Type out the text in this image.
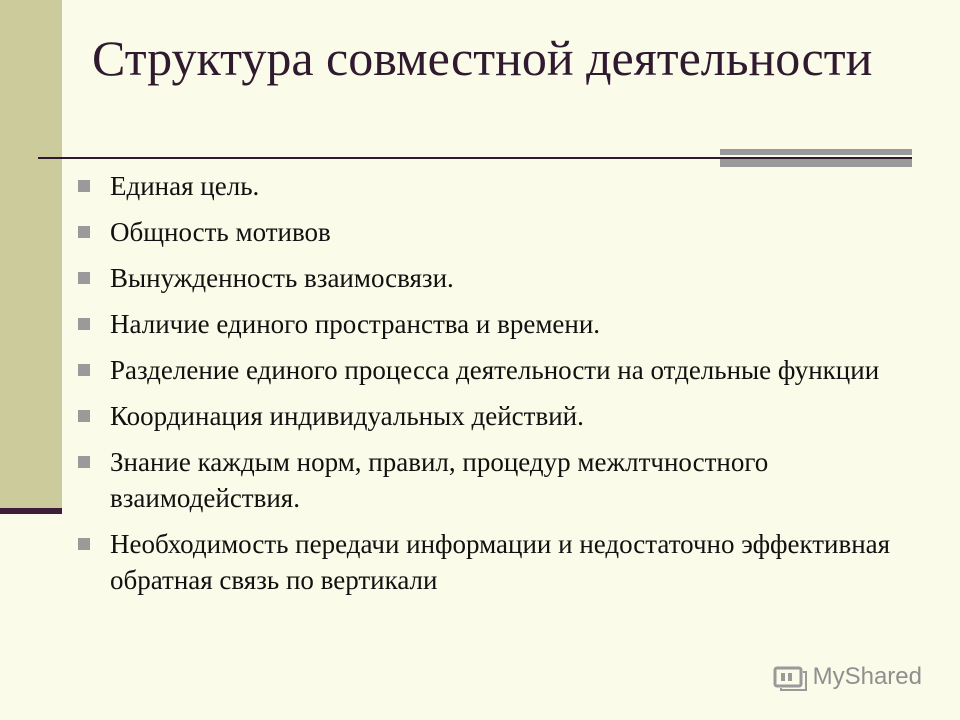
Структура совместной деятельности
Единая цель.
Общность мотивов
Вынужденность взаимосвязи.
Наличие единого пространства и времени.
Разделение единого процесса деятельности на отдельные функции
Координация индивидуальных действий.
Знание каждым норм, правил, процедур межлтчностного взаимодействия.
Необходимость передачи информации и недостаточно эффективная обратная связь по вертикали
MyShared
